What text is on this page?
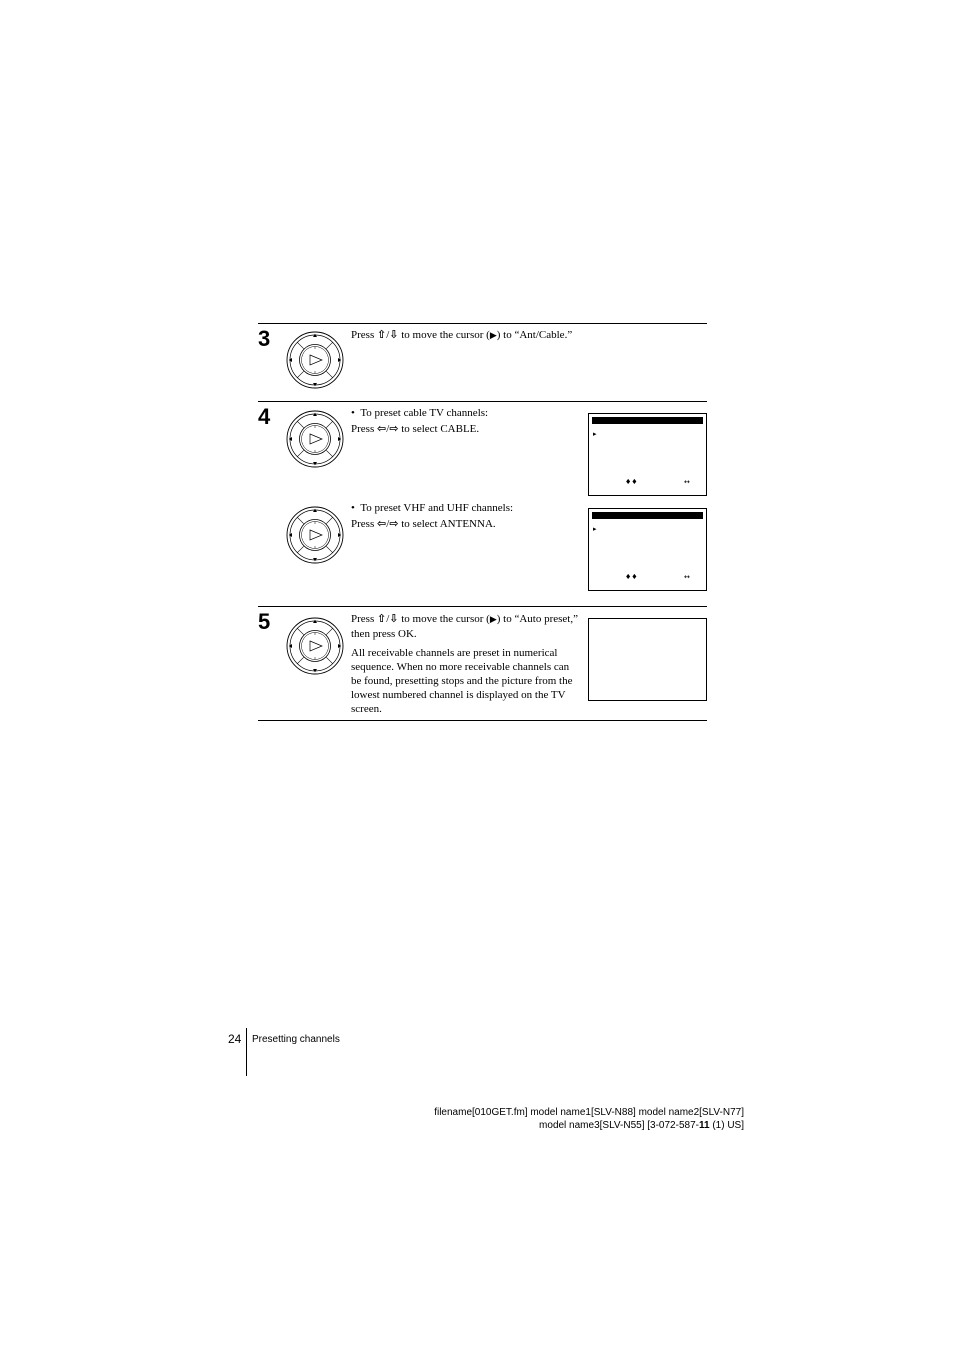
3	Press ⇧/⇩ to move the cursor (▶) to “Ant/Cable.”

4	•  To preset cable TV channels:

Press ⇦/⇨ to select CABLE.	▸
♦♦	↔

•  To preset VHF and UHF channels:

Press ⇦/⇨ to select ANTENNA.	▸
♦♦	↔
5	Press ⇧/⇩ to move the cursor (▶) to “Auto preset,” then press OK.

All receivable channels are preset in numerical sequence. When no more receivable channels can be found, presetting stops and the picture from the lowest numbered channel is displayed on the TV screen.

24 Presetting channels
filename[010GET.fm] model name1[SLV-N88] model name2[SLV-N77]
model name3[SLV-N55] [3-072-587-11 (1) US]
